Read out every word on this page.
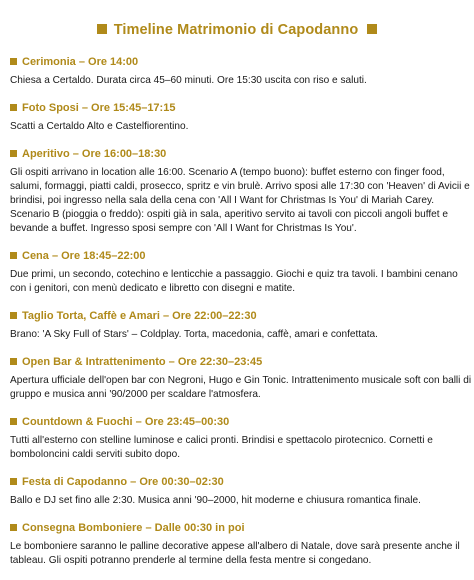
Timeline Matrimonio di Capodanno
Cerimonia – Ore 14:00
Chiesa a Certaldo. Durata circa 45–60 minuti. Ore 15:30 uscita con riso e saluti.
Foto Sposi – Ore 15:45–17:15
Scatti a Certaldo Alto e Castelfiorentino.
Aperitivo – Ore 16:00–18:30
Gli ospiti arrivano in location alle 16:00. Scenario A (tempo buono): buffet esterno con finger food,
salumi, formaggi, piatti caldi, prosecco, spritz e vin brulè. Arrivo sposi alle 17:30 con 'Heaven' di Avicii e
brindisi, poi ingresso nella sala della cena con 'All I Want for Christmas Is You' di Mariah Carey.
Scenario B (pioggia o freddo): ospiti già in sala, aperitivo servito ai tavoli con piccoli angoli buffet e
bevande a buffet. Ingresso sposi sempre con 'All I Want for Christmas Is You'.
Cena – Ore 18:45–22:00
Due primi, un secondo, cotechino e lenticchie a passaggio. Giochi e quiz tra tavoli. I bambini cenano
con i genitori, con menù dedicato e libretto con disegni e matite.
Taglio Torta, Caffè e Amari – Ore 22:00–22:30
Brano: 'A Sky Full of Stars' – Coldplay. Torta, macedonia, caffè, amari e confettata.
Open Bar & Intrattenimento – Ore 22:30–23:45
Apertura ufficiale dell'open bar con Negroni, Hugo e Gin Tonic. Intrattenimento musicale soft con balli di
gruppo e musica anni '90/2000 per scaldare l'atmosfera.
Countdown & Fuochi – Ore 23:45–00:30
Tutti all'esterno con stelline luminose e calici pronti. Brindisi e spettacolo pirotecnico. Cornetti e
bomboloncini caldi serviti subito dopo.
Festa di Capodanno – Ore 00:30–02:30
Ballo e DJ set fino alle 2:30. Musica anni '90–2000, hit moderne e chiusura romantica finale.
Consegna Bomboniere – Dalle 00:30 in poi
Le bomboniere saranno le palline decorative appese all'albero di Natale, dove sarà presente anche il
tableau. Gli ospiti potranno prenderle al termine della festa mentre si congedano.
